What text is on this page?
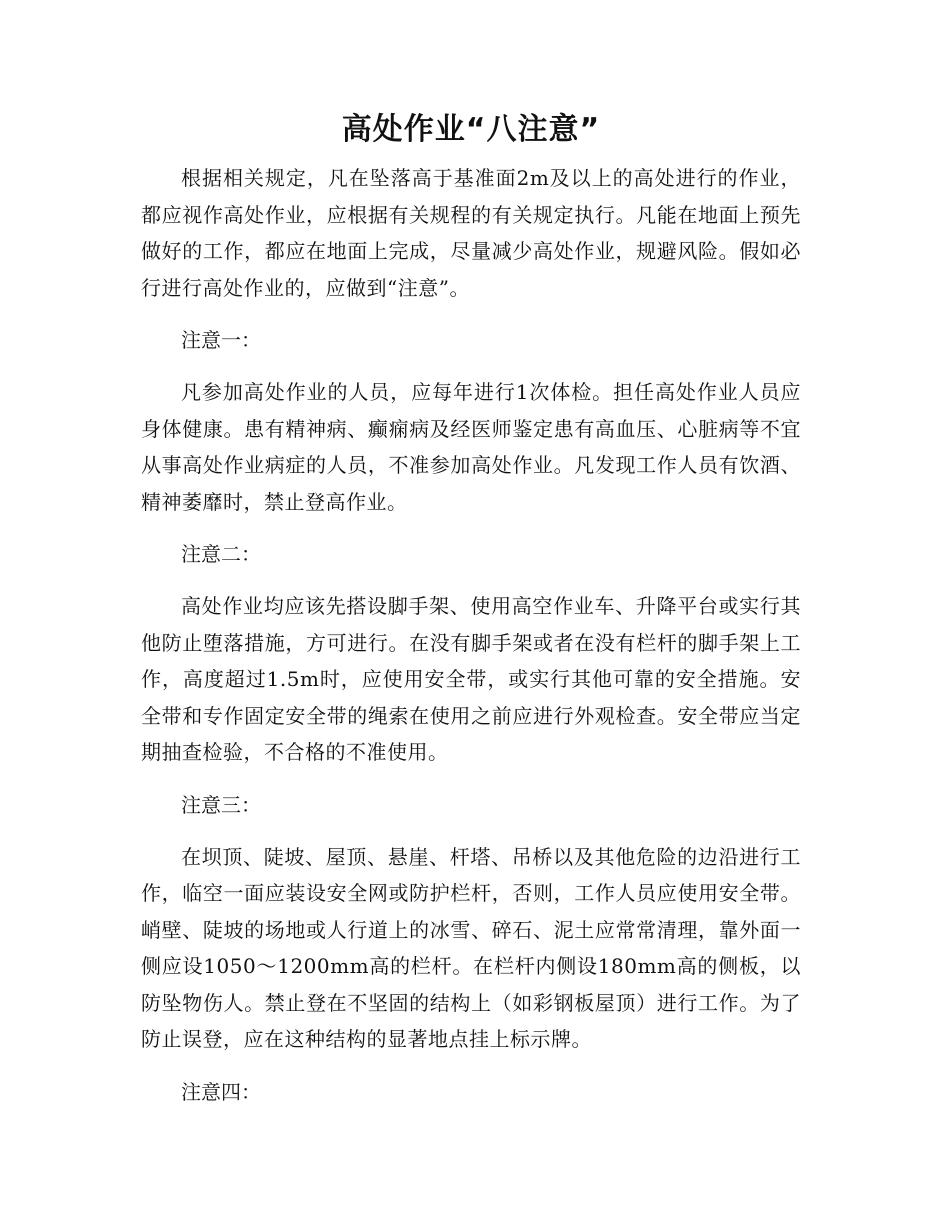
高处作业“八注意”

根据相关规定，凡在坠落高于基准面2m及以上的高处进行的作业，都应视作高处作业，应根据有关规程的有关规定执行。凡能在地面上预先做好的工作，都应在地面上完成，尽量减少高处作业，规避风险。假如必行进行高处作业的，应做到“注意”。

注意一：

凡参加高处作业的人员，应每年进行1次体检。担任高处作业人员应身体健康。患有精神病、癫痫病及经医师鉴定患有高血压、心脏病等不宜从事高处作业病症的人员，不准参加高处作业。凡发现工作人员有饮酒、精神萎靡时，禁止登高作业。

注意二：

高处作业均应该先搭设脚手架、使用高空作业车、升降平台或实行其他防止堕落措施，方可进行。在没有脚手架或者在没有栏杆的脚手架上工作，高度超过1.5m时，应使用安全带，或实行其他可靠的安全措施。安全带和专作固定安全带的绳索在使用之前应进行外观检查。安全带应当定期抽查检验，不合格的不准使用。

注意三：

在坝顶、陡坡、屋顶、悬崖、杆塔、吊桥以及其他危险的边沿进行工作，临空一面应装设安全网或防护栏杆，否则，工作人员应使用安全带。峭壁、陡坡的场地或人行道上的冰雪、碎石、泥土应常常清理，靠外面一侧应设1050～1200mm高的栏杆。在栏杆内侧设180mm高的侧板，以防坠物伤人。禁止登在不坚固的结构上（如彩钢板屋顶）进行工作。为了防止误登，应在这种结构的显著地点挂上标示牌。

注意四：
